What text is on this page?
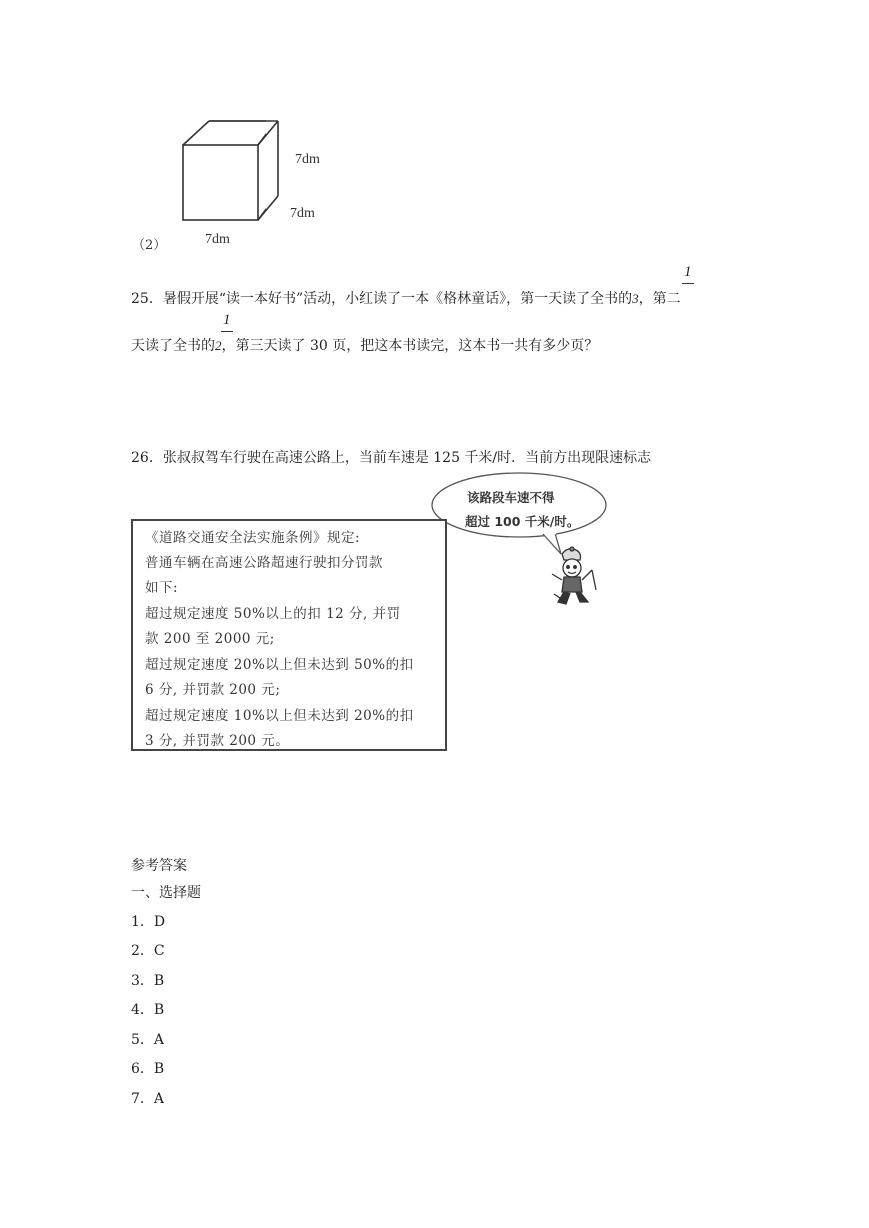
7dm
7dm
（2）	7dm
1
25．暑假开展“读一本好书”活动，小红读了一本《格林童话》，第一天读了全书的3，第二
1
天读了全书的2，第三天读了 30 页，把这本书读完，这本书一共有多少页？
26．张叔叔驾车行驶在高速公路上，当前车速是 125 千米/时．当前方出现限速标志
该路段车速不得
超过 100 千米/时。
《道路交通安全法实施条例》规定:
普通车辆在高速公路超速行驶扣分罚款
如下:
超过规定速度 50%以上的扣 12 分, 并罚
款 200 至 2000 元;
超过规定速度 20%以上但未达到 50%的扣
6 分, 并罚款 200 元;
超过规定速度 10%以上但未达到 20%的扣
3 分, 并罚款 200 元。
参考答案
一、选择题
1．D
2．C
3．B
4．B
5．A
6．B
7．A
